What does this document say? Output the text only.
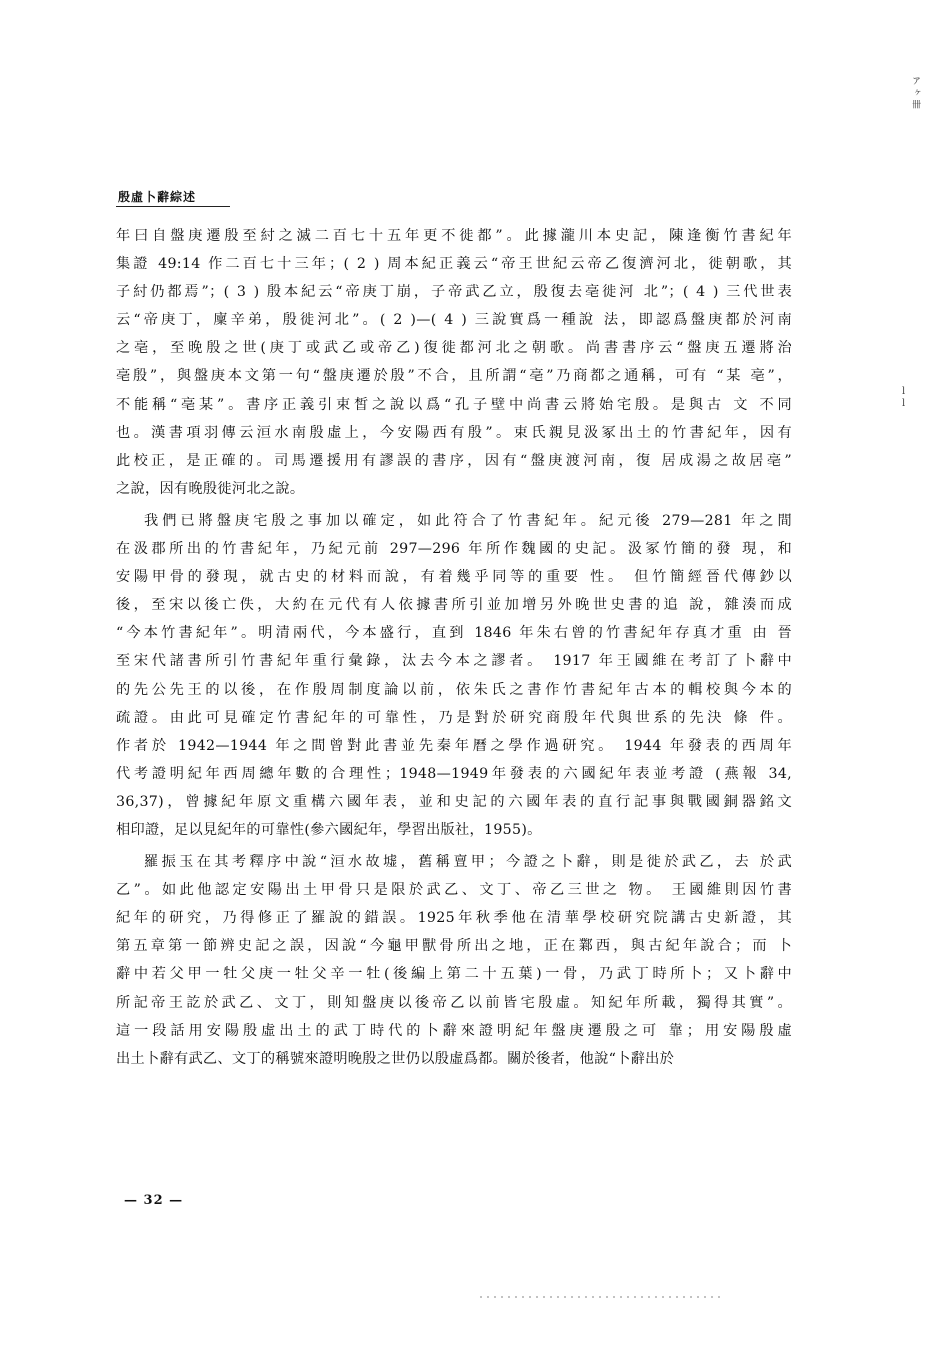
ア ヶ 卌
l
l
殷虛卜辭綜述
年曰自盤庚遷殷至紂之滅二百七十五年更不徙都”。此據瀧川本史記，陳逢衡竹書紀年
集證 49:14 作二百七十三年；( 2 ) 周本紀正義云“帝王世紀云帝乙復濟河北，徙朝歌，其
子紂仍都焉”；( 3 ) 殷本紀云“帝庚丁崩，子帝武乙立，殷復去亳徙河 北”；( 4 ) 三代世表
云“帝庚丁，廩辛弟，殷徙河北”。( 2 )—( 4 ) 三說實爲一種說 法，即認爲盤庚都於河南
之亳，至晚殷之世(庚丁或武乙或帝乙)復徙都河北之朝歌。尚書書序云“盤庚五遷將治
亳殷”，與盤庚本文第一句“盤庚遷於殷”不合，且所謂“亳”乃商都之通稱，可有 “某 亳”，
不能稱“亳某”。書序正義引束皙之說以爲“孔子壁中尚書云將始宅殷。是與古 文 不同
也。漢書項羽傳云洹水南殷虛上，今安陽西有殷”。束氏親見汲冢出土的竹書紀年，因有
此校正，是正確的。司馬遷援用有謬誤的書序，因有“盤庚渡河南，復 居成湯之故居亳”
之說，因有晚殷徙河北之說。
我們已將盤庚宅殷之事加以確定，如此符合了竹書紀年。紀元後 279—281 年之間
在汲郡所出的竹書紀年，乃紀元前 297—296 年所作魏國的史記。汲冢竹簡的發 現，和
安陽甲骨的發現，就古史的材料而說，有着幾乎同等的重要 性。 但竹簡經晉代傳鈔以
後，至宋以後亡佚，大約在元代有人依據書所引並加增另外晚世史書的追 說，雜湊而成
“今本竹書紀年”。明清兩代，今本盛行，直到 1846 年朱右曾的竹書紀年存真才重 由 晉
至宋代諸書所引竹書紀年重行彙錄，汰去今本之謬者。 1917 年王國維在考訂了卜辭中
的先公先王的以後，在作殷周制度論以前，依朱氏之書作竹書紀年古本的輯校與今本的
疏證。由此可見確定竹書紀年的可靠性，乃是對於研究商殷年代與世系的先決 條 件。
作者於 1942—1944 年之間曾對此書並先秦年曆之學作過研究。 1944 年發表的西周年
代考證明紀年西周總年數的合理性；1948—1949年發表的六國紀年表並考證 (燕報 34,
36,37)，曾據紀年原文重構六國年表，並和史記的六國年表的直行記事與戰國銅器銘文
相印證，足以見紀年的可靠性(參六國紀年，學習出版社，1955)。
羅振玉在其考釋序中說“洹水故墟，舊稱亶甲；今證之卜辭，則是徙於武乙，去 於武
乙”。如此他認定安陽出土甲骨只是限於武乙、文丁、帝乙三世之 物。 王國維則因竹書
紀年的研究，乃得修正了羅說的錯誤。1925年秋季他在清華學校研究院講古史新證，其
第五章第一節辨史記之誤，因說“今龜甲獸骨所出之地，正在鄴西，與古紀年說合；而 卜
辭中若父甲一牡父庚一牡父辛一牡(後編上第二十五葉)一骨，乃武丁時所卜；又卜辭中
所記帝王訖於武乙、文丁，則知盤庚以後帝乙以前皆宅殷虛。知紀年所載，獨得其實”。
這一段話用安陽殷虛出土的武丁時代的卜辭來證明紀年盤庚遷殷之可 靠；用安陽殷虛
出土卜辭有武乙、文丁的稱號來證明晚殷之世仍以殷虛爲都。關於後者，他說“卜辭出於
— 32 —
